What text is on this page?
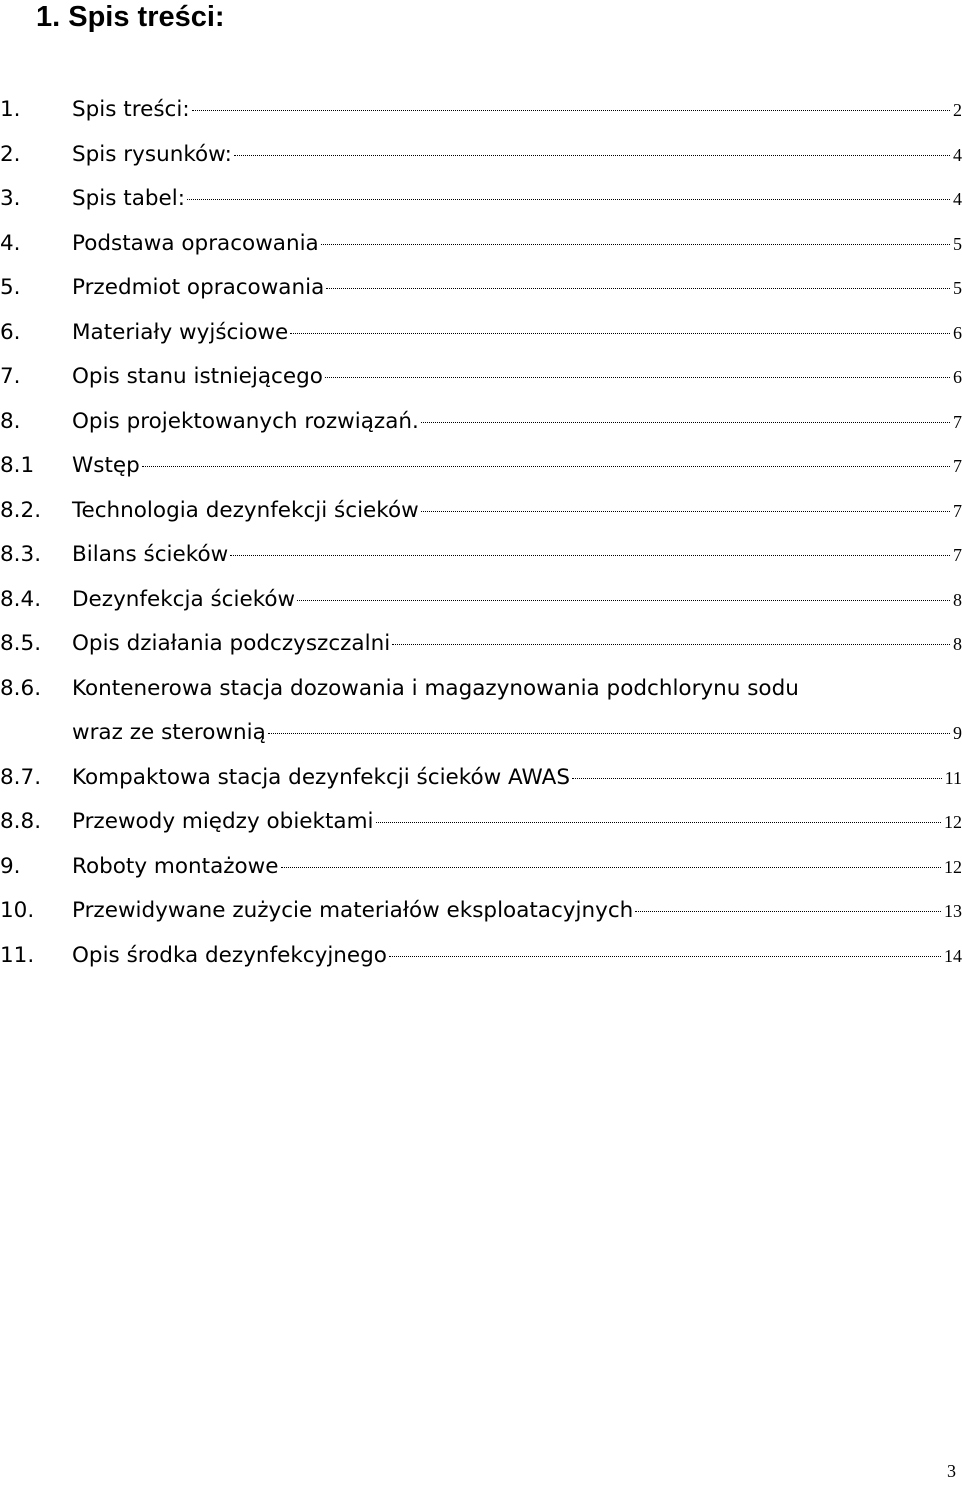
1. Spis treści:
1.	Spis treści:	2
2.	Spis rysunków:	4
3.	Spis tabel:	4
4.	Podstawa opracowania	5
5.	Przedmiot opracowania	5
6.	Materiały wyjściowe	6
7.	Opis stanu istniejącego	6
8.	Opis projektowanych rozwiązań.	7
8.1	Wstęp	7
8.2.	Technologia dezynfekcji ścieków	7
8.3.	Bilans ścieków	7
8.4.	Dezynfekcja ścieków	8
8.5.	Opis działania podczyszczalni	8
8.6.	Kontenerowa stacja dozowania i magazynowania podchlorynu sodu
wraz ze sterownią	9
8.7.	Kompaktowa stacja dezynfekcji ścieków AWAS	11
8.8.	Przewody między obiektami	12
9.	Roboty montażowe	12
10.	Przewidywane zużycie materiałów eksploatacyjnych	13
11.	Opis środka dezynfekcyjnego	14
3
